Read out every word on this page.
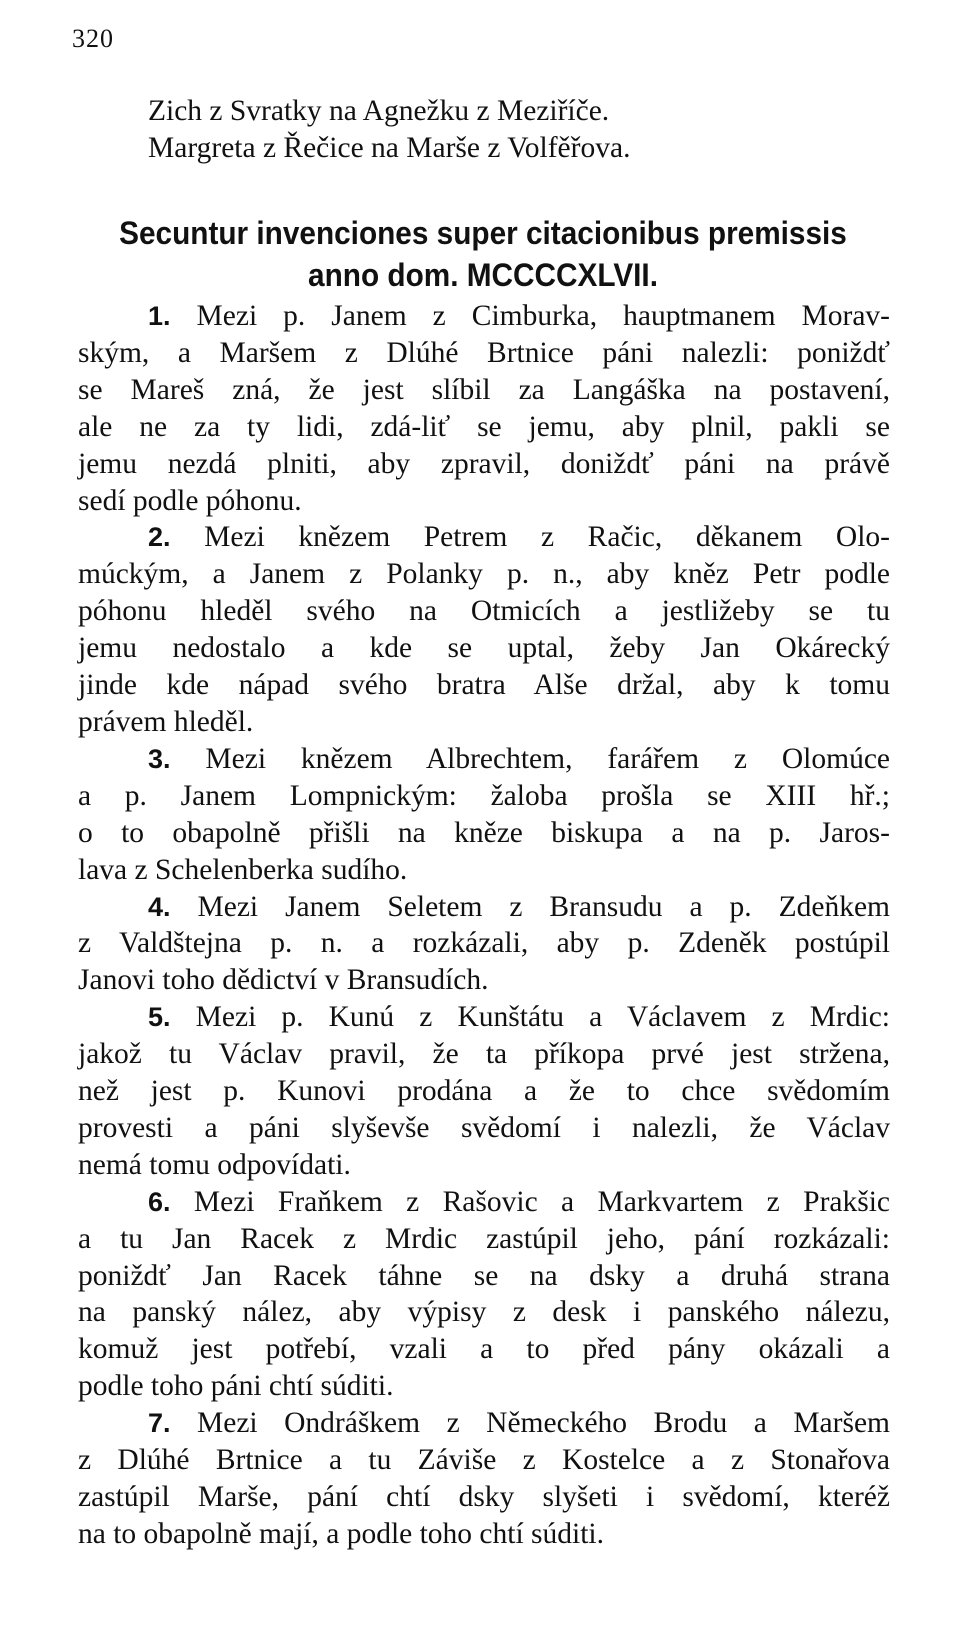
320
Zich z Svratky na Agnežku z Meziříče.
Margreta z Řečice na Marše z Volfěřova.
Secuntur invenciones super citacionibus premissis
anno dom. MCCCCXLVII.
1. Mezi p. Janem z Cimburka, hauptmanem Morav-
ským, a Maršem z Dlúhé Brtnice páni nalezli: poniždť
se Mareš zná, že jest slíbil za Langáška na postavení,
ale ne za ty lidi, zdá-liť se jemu, aby plnil, pakli se
jemu nezdá plniti, aby zpravil, doniždť páni na právě
sedí podle póhonu.
2. Mezi knězem Petrem z Račic, děkanem Olo-
múckým, a Janem z Polanky p. n., aby kněz Petr podle
póhonu hleděl svého na Otmicích a jestližeby se tu
jemu nedostalo a kde se uptal, žeby Jan Okárecký
jinde kde nápad svého bratra Alše držal, aby k tomu
právem hleděl.
3. Mezi knězem Albrechtem, farářem z Olomúce
a p. Janem Lompnickým: žaloba prošla se XIII hř.;
o to obapolně přišli na kněze biskupa a na p. Jaros-
lava z Schelenberka sudího.
4. Mezi Janem Seletem z Bransudu a p. Zdeňkem
z Valdštejna p. n. a rozkázali, aby p. Zdeněk postúpil
Janovi toho dědictví v Bransudích.
5. Mezi p. Kunú z Kunštátu a Václavem z Mrdic:
jakož tu Václav pravil, že ta příkopa prvé jest stržena,
než jest p. Kunovi prodána a že to chce svědomím
provesti a páni slyševše svědomí i nalezli, že Václav
nemá tomu odpovídati.
6. Mezi Fraňkem z Rašovic a Markvartem z Prakšic
a tu Jan Racek z Mrdic zastúpil jeho, pání rozkázali:
poniždť Jan Racek táhne se na dsky a druhá strana
na panský nález, aby výpisy z desk i panského nálezu,
komuž jest potřebí, vzali a to před pány okázali a
podle toho páni chtí súditi.
7. Mezi Ondráškem z Německého Brodu a Maršem
z Dlúhé Brtnice a tu Záviše z Kostelce a z Stonařova
zastúpil Marše, pání chtí dsky slyšeti i svědomí, kteréž
na to obapolně mají, a podle toho chtí súditi.
